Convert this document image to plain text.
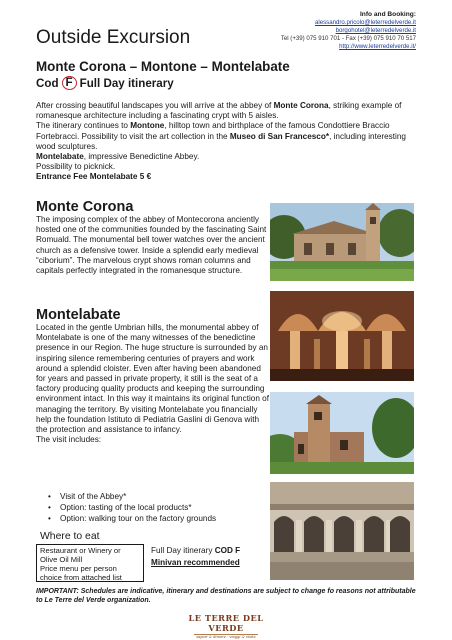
Outside Excursion
Info and Booking:
alessandro.pricolo@leterredelverde.it
borgohotel@leterredelverde.it
Tel (+39) 075 910 701 - Fax (+39) 075 910 70 517
http://www.leterredelverde.it/
Monte Corona – Montone – Montelabate
Cod F Full Day itinerary

After crossing beautiful landscapes you will arrive at the abbey of Monte Corona, striking example of romanesque architecture including a fascinating crypt with 5 aisles.

The itinerary continues to Montone, hilltop town and birthplace of the famous Condottiere Braccio Fortebracci. Possibility to visit the art collection in the Museo di San Francesco*, including interesting wood sculptures.

Montelabate, impressive Benedictine Abbey.

Possibility to picknick.

Entrance Fee Montelabate 5 €

Monte Corona

The imposing complex of the abbey of Montecorona anciently hosted one of the communities founded by the fascinating Saint Romuald. The monumental bell tower watches over the ancient church as a defensive tower. Inside a splendid early medieval “ciborium”. The marvelous crypt shows roman columns and capitals perfectly integrated in the romanesque structure.

Montelabate

Located in the gentle Umbrian hills, the monumental abbey of Montelabate is one of the many witnesses of the benedictine presence in our Region. The huge structure is surrounded by an inspiring silence remembering centuries of prayers and work around a splendid cloister. Even after having been abandoned for years and passed in private property, it still is the seat of a factory producing quality products and keeping the surrounding environment intact. In this way it maintains its original function of managing the territory. By visiting Montelabate you financially help the foundation Istituto di Pediatria Gaslini di Genova with the protection and assistance to infancy.

The visit includes:

• Visit of the Abbey*
• Option: tasting of the local products*
• Option: walking tour on the factory grounds
Where to eat
Restaurant or Winery or
Olive Oil Mill
Price menu per person
choice from attached list
Full Day itinerary COD F
Minivan recommended

IMPORTANT: Schedules are indicative, itinerary and destinations are subject to change fo reasons not attributable to Le Terre del Verde organization.

LE TERRE DEL VERDE
sapori & dimore - viaggi & visite
